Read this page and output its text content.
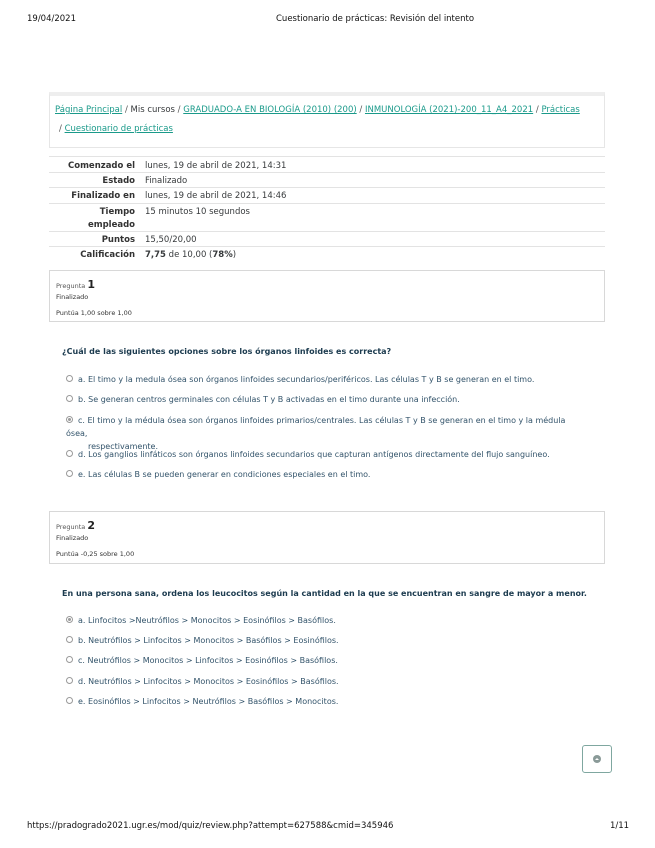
19/04/2021	Cuestionario de prácticas: Revisión del intento
Página Principal / Mis cursos / GRADUADO-A EN BIOLOGÍA (2010) (200) / INMUNOLOGÍA (2021)-200_11_A4_2021 / Prácticas
/ Cuestionario de prácticas
Comenzado el lunes, 19 de abril de 2021, 14:31
Estado Finalizado
Finalizado en lunes, 19 de abril de 2021, 14:46
Tiempo
empleado
15 minutos 10 segundos
Puntos 15,50/20,00
Calificación 7,75 de 10,00 (78%)
Pregunta 1
Finalizado
Puntúa 1,00 sobre 1,00
¿Cuál de las siguientes opciones sobre los órganos linfoides es correcta?
a. El timo y la medula ósea son órganos linfoides secundarios/periféricos. Las células T y B se generan en el timo.
b. Se generan centros germinales con células T y B activadas en el timo durante una infección.
c. El timo y la médula ósea son órganos linfoides primarios/centrales. Las células T y B se generan en el timo y la médula ósea,
respectivamente.
d. Los ganglios linfáticos son órganos linfoides secundarios que capturan antígenos directamente del flujo sanguíneo.
e. Las células B se pueden generar en condiciones especiales en el timo.
Pregunta 2
Finalizado
Puntúa -0,25 sobre 1,00
En una persona sana, ordena los leucocitos según la cantidad en la que se encuentran en sangre de mayor a menor.
a. Linfocitos >Neutrófilos > Monocitos > Eosinófilos > Basófilos.
b. Neutrófilos > Linfocitos > Monocitos > Basófilos > Eosinófilos.
c. Neutrófilos > Monocitos > Linfocitos > Eosinófilos > Basófilos.
d. Neutrófilos > Linfocitos > Monocitos > Eosinófilos > Basófilos.
e. Eosinófilos > Linfocitos > Neutrófilos > Basófilos > Monocitos.
https://pradogrado2021.ugr.es/mod/quiz/review.php?attempt=627588&cmid=345946	1/11
